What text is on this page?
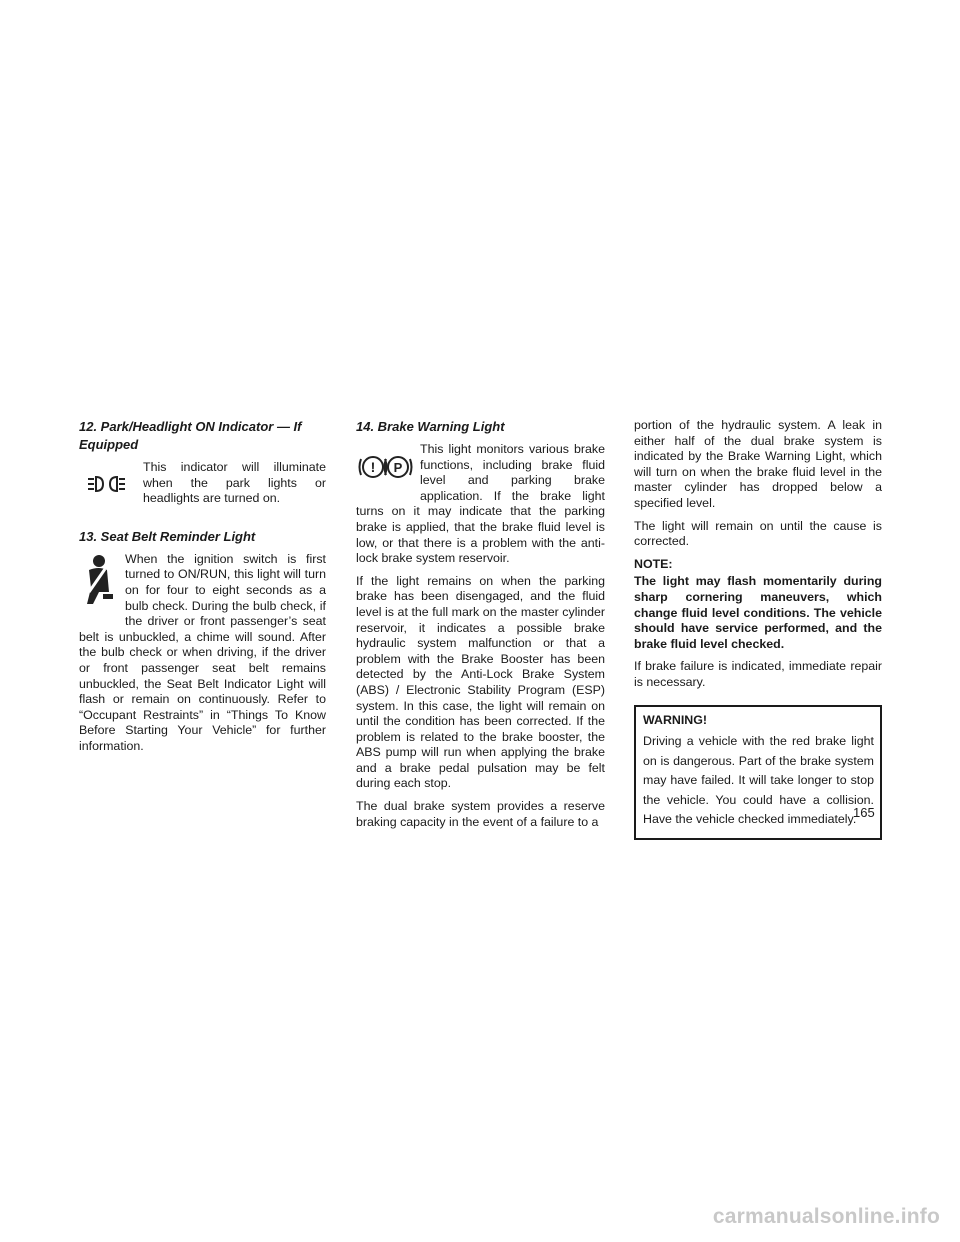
12. Park/Headlight ON Indicator — If
Equipped

This indicator will illuminate when the park lights or headlights are turned on.

13. Seat Belt Reminder Light

When the ignition switch is first turned to ON/RUN, this light will turn on for four to eight seconds as a bulb check. During the bulb check, if the driver or front passenger’s seat belt is unbuckled, a chime will sound. After the bulb check or when driving, if the driver or front passenger seat belt remains unbuckled, the Seat Belt Indicator Light will flash or remain on continuously. Refer to “Occupant Restraints” in “Things To Know Before Starting Your Vehicle” for further information.

14. Brake Warning Light
! P

This light monitors various brake functions, including brake fluid level and parking brake application. If the brake light turns on it may indicate that the parking brake is applied, that the brake fluid level is low, or that there is a problem with the anti-lock brake system reservoir.

If the light remains on when the parking brake has been disengaged, and the fluid level is at the full mark on the master cylinder reservoir, it indicates a possible brake hydraulic system malfunction or that a problem with the Brake Booster has been detected by the Anti-Lock Brake System (ABS) / Electronic Stability Program (ESP) system. In this case, the light will remain on until the condition has been corrected. If the problem is related to the brake booster, the ABS pump will run when applying the brake and a brake pedal pulsation may be felt during each stop.

The dual brake system provides a reserve braking capacity in the event of a failure to a

portion of the hydraulic system. A leak in either half of the dual brake system is indicated by the Brake Warning Light, which will turn on when the brake fluid level in the master cylinder has dropped below a specified level.

The light will remain on until the cause is corrected.

NOTE:

The light may flash momentarily during sharp cornering maneuvers, which change fluid level conditions. The vehicle should have service performed, and the brake fluid level checked.

If brake failure is indicated, immediate repair is necessary.

WARNING!

Driving a vehicle with the red brake light on is dangerous. Part of the brake system may have failed. It will take longer to stop the vehicle. You could have a collision. Have the vehicle checked immediately.

165
carmanualsonline.info
